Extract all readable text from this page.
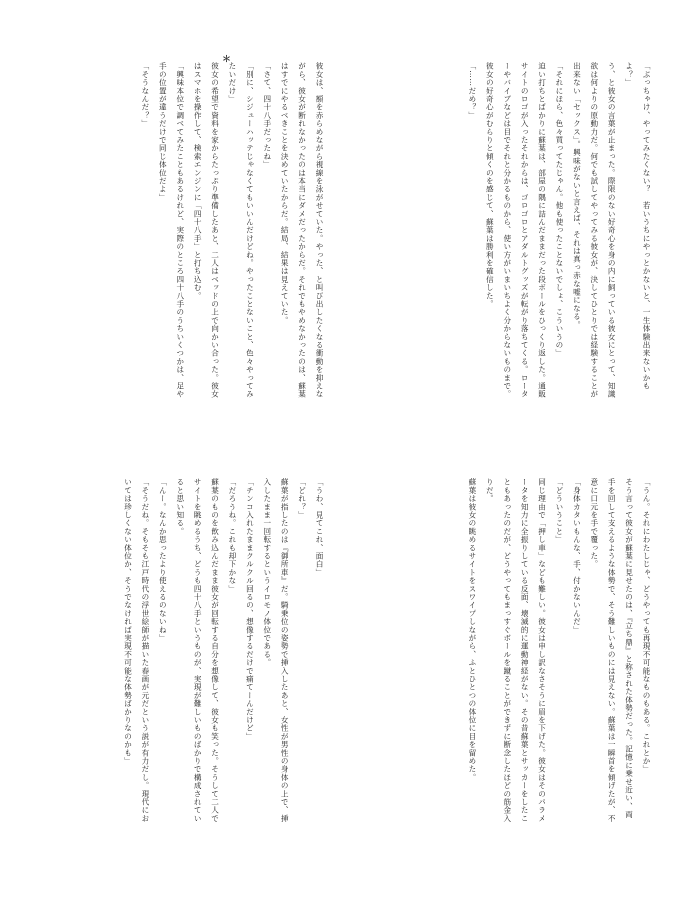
「ぶっちゃけ、やってみたくない？　若いうちにやっとかないと、一生体験出来ないかもよ？」
う、と彼女の言葉が止まった。際限のない好奇心を身の内に飼っている彼女にとって、知識欲は何よりの原動力だ。何でも試してやってみる彼女が、決してひとりでは経験することが出来ない「セックス」。興味がないと言えば、それは真っ赤な嘘になる。
「それにほら、色々買ってたじゃん。他も使ったことないでしょ、こういうの」
迫い打ちとばかりに蘇葉は、部屋の隅に詰んだままだった段ボールをひっくり返した。通販サイトのロゴが入ったそれからは、ゴロゴロとアダルトグッズが転がり落ちてくる。ローターやバイブなどは目でそれと分かるものから、使い方がいまいちよく分からないものまで。彼女の好奇心がむらりと傾くのを感じて、蘇葉は勝利を確信した。
「……だめ？」
彼女は、額を赤らめながら視線を泳がせていた。やった、と叫び出したくなる衝動を抑えながら、彼女が断れなかったのは本当にダメだったからだ。それでもやめなかったのは、蘇葉はすでにやるべきことを決めていたからだ。結局、結果は見えていた。
「さて、四十八手だったね」
「別に、シジューハッテじゃなくてもいいんだけどね。やったことないこと、色々やってみたいだけ」
彼女の希望で資料を家からたっぷり準備したあと、二人はベッドの上で向かい合った。彼女はスマホを操作して、検索エンジンに「四十八手」と打ち込む。
「興味本位で調べてみたこともあるけれど、実際のところ四十八手のうちいくつかは、足や手の位置が違うだけで同じ体位だよ」
「そうなんだ？」
＊
「うん。それにわたしじゃ、どうやっても再現不可能なものもある。これとか」
そう言って彼女が蘇葉に見せたのは、『立ち鼎』と称された体勢だった。記憶に乗せ近い、両手を回して支えるような体勢で、そう難しいものには見えない。蘇葉は一瞬首を傾げたが、不意に口元を手で覆った。
「身体カタいもんな、手、付かないんだ」
「どういうこと」
同じ理由で「押し車」なども難しい。彼女は申し訳なさそうに眉を下げた。彼女はそのパラメータを知力に全振りしている反面、壊滅的に運動神経がない。その昔蘇葉とサッカーをしたこともあったのだが、どうやってもまっすぐボールを蹴ることができずに断念したほどの筋金入りだ。
蘇葉は彼女の眺めるサイトをスワイプしながら、ふとひとつの体位に目を留めた。
「うわ、見てこれ、面白」
「どれ？」
蘇葉が指したのは『御所車』だ。騎乗位の姿勢で挿入したあと、女性が男性の身体の上で、挿入したまま一回転するというイロモノ体位である。
「チンコ入れたままクルクル回るの、想像するだけで痛てーんだけど」
「だろうね。これも却下かな」
蘇葉のものを飲み込んだまま彼女が回転する自分を想像して、彼女も笑った。そうして二人でサイトを眺めるうち、どうも四十八手というものが、実現が難しいものばかりで構成されていると思い知る。
「んー。なんか思ったより使えるのないね」
「そうだね。そもそも江戸時代の浮世絵師が描いた春画が元だという説が有力だし。現代においては珍しくない体位か、そうでなければ実現不可能な体勢ばかりなのかも」
